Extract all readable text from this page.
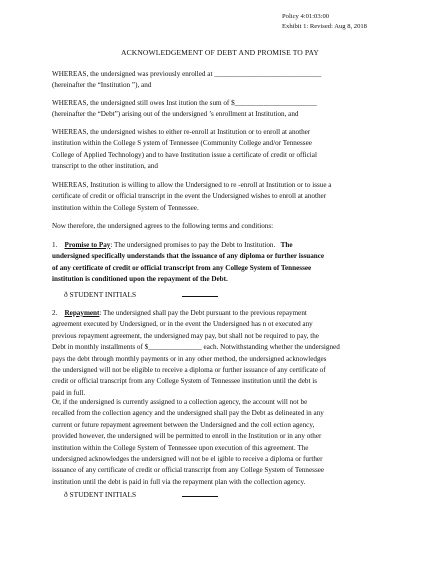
Policy 4:01:03:00
Exhibit 1: Revised: Aug 8, 2018
ACKNOWLEDGEMENT OF DEBT AND PROMISE TO PAY
WHEREAS, the undersigned was previously enrolled at ______________________________
(hereinafter the “Institution ”), and
WHEREAS, the undersigned still owes Inst itution the sum of $_______________________
(hereinafter the “Debt”) arising out of the undersigned ’s enrollment at Institution, and
WHEREAS, the undersigned wishes to either re-enroll at Institution or to enroll at another
institution within the College S ystem of Tennessee (Community College and/or Tennessee
College of Applied Technology) and to have Institution issue a certificate of credit or official
transcript to the other institution, and
WHEREAS, Institution is willing to allow the Undersigned to re -enroll at Institution or to issue a
certificate of credit or official transcript in the event the Undersigned wishes to enroll at another
institution within the College System of Tennessee.
Now therefore, the undersigned agrees to the following terms and conditions:
1. Promise to Pay: The undersigned promises to pay the Debt to Institution. The
undersigned specifically understands that the issuance of any diploma or further issuance
of any certificate of credit or official transcript from any College System of Tennessee
institution is conditioned upon the repayment of the Debt.
ð STUDENT INITIALS
2. Repayment: The undersigned shall pay the Debt pursuant to the previous repayment
agreement executed by Undersigned, or in the event the Undersigned has n ot executed any
previous repayment agreement, the undersigned may pay, but shall not be required to pay, the
Debt in monthly installments of $_______________ each. Notwithstanding whether the undersigned
pays the debt through monthly payments or in any other method, the undersigned acknowledges
the undersigned will not be eligible to receive a diploma or further issuance of any certificate of
credit or official transcript from any College System of Tennessee institution until the debt is
paid in full.
Or, if the undersigned is currently assigned to a collection agency, the account will not be
recalled from the collection agency and the undersigned shall pay the Debt as delineated in any
current or future repayment agreement between the Undersigned and the coll ection agency,
provided however, the undersigned will be permitted to enroll in the Institution or in any other
institution within the College System of Tennessee upon execution of this agreement. The
undersigned acknowledges the undersigned will not be el igible to receive a diploma or further
issuance of any certificate of credit or official transcript from any College System of Tennessee
institution until the debt is paid in full via the repayment plan with the collection agency.
ð STUDENT INITIALS
